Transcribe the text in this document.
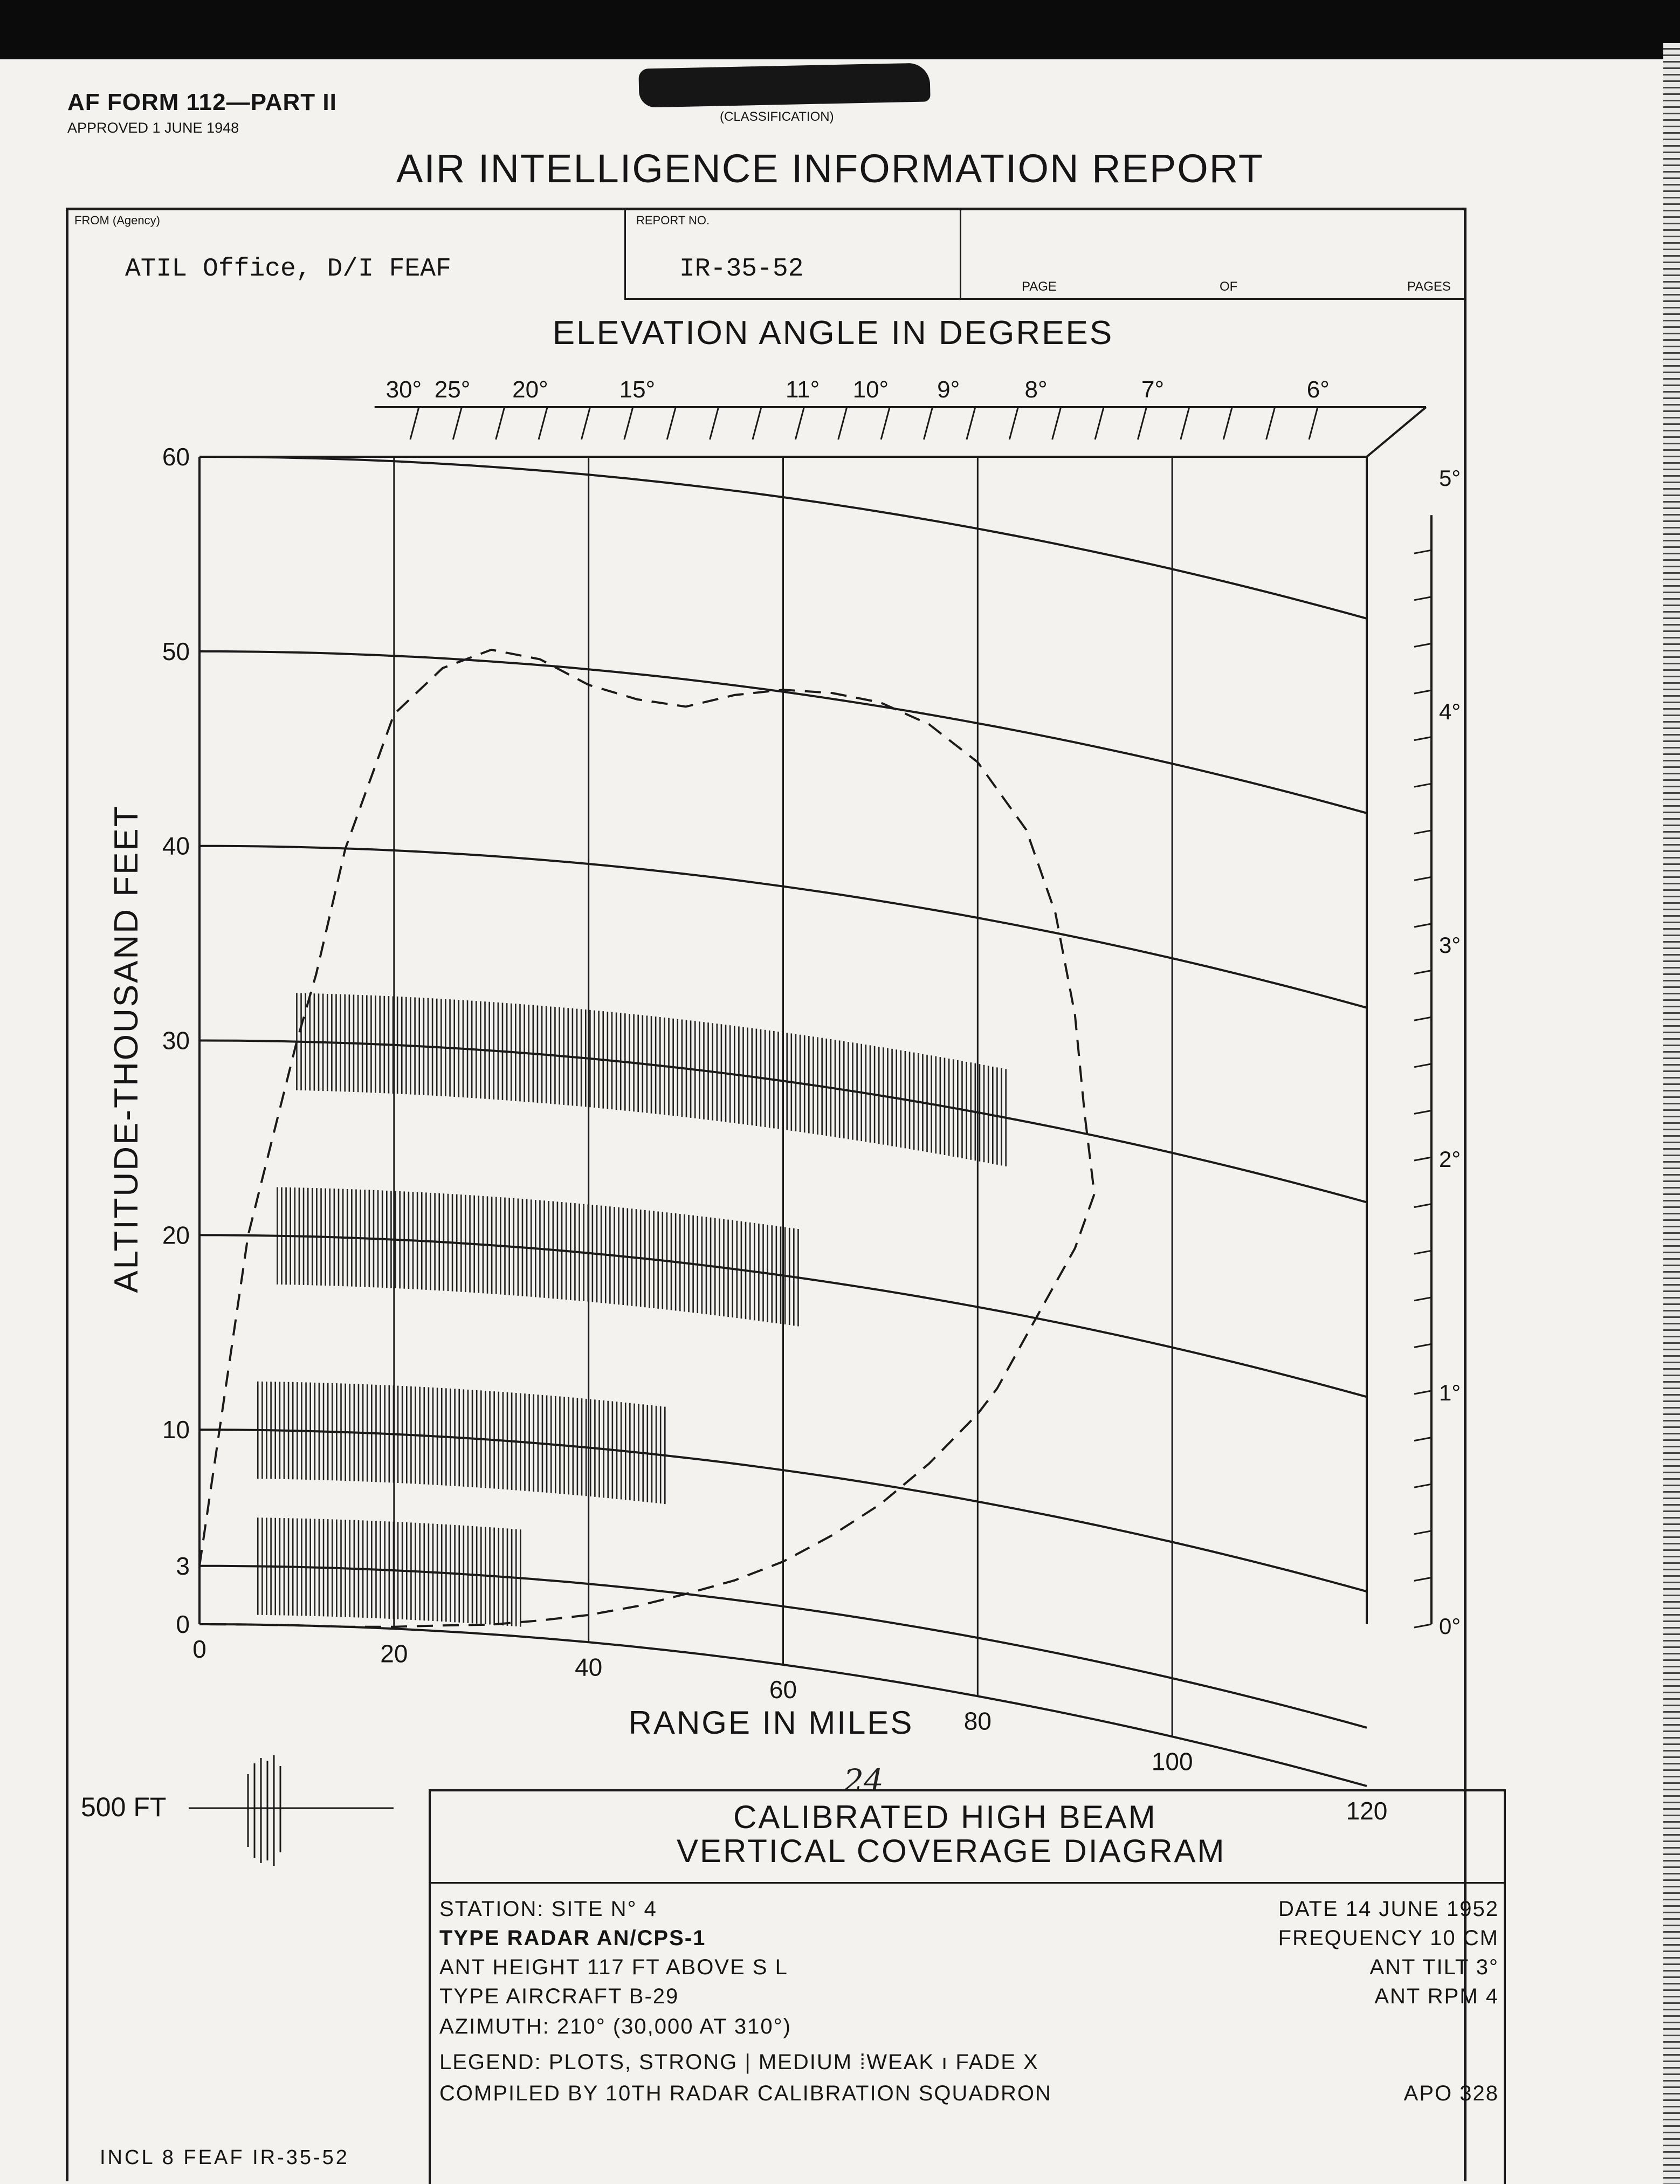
AF FORM 112—PART II
APPROVED 1 JUNE 1948
(CLASSIFICATION)
AIR INTELLIGENCE INFORMATION REPORT
FROM (Agency)	REPORT NO.
ATIL Office, D/I FEAF	IR-35-52
PAGE	OF	PAGES
ELEVATION ANGLE IN DEGREES
RANGE IN MILES
ALTITUDE-THOUSAND FEET
0	20	40
60
80
100
120
0
3
10
20
30
40
50
60
30° 25° 20°	15°	11° 10° 9°	8°	7°	6°
0°
1°
2°
3°
4°
5°
24
500 FT	CALIBRATED HIGH BEAM
VERTICAL COVERAGE DIAGRAM
STATION: SITE N° 4	DATE 14 JUNE 1952
TYPE RADAR AN/CPS-1	FREQUENCY 10 CM
ANT HEIGHT 117 FT ABOVE S L	ANT TILT 3°
TYPE AIRCRAFT B-29	ANT RPM 4
AZIMUTH: 210° (30,000 AT 310°)
LEGEND: PLOTS, STRONG | MEDIUM ⁞WEAK ı FADE X
COMPILED BY 10TH RADAR CALIBRATION SQUADRON	APO 328
INCL 8 FEAF IR-35-52
